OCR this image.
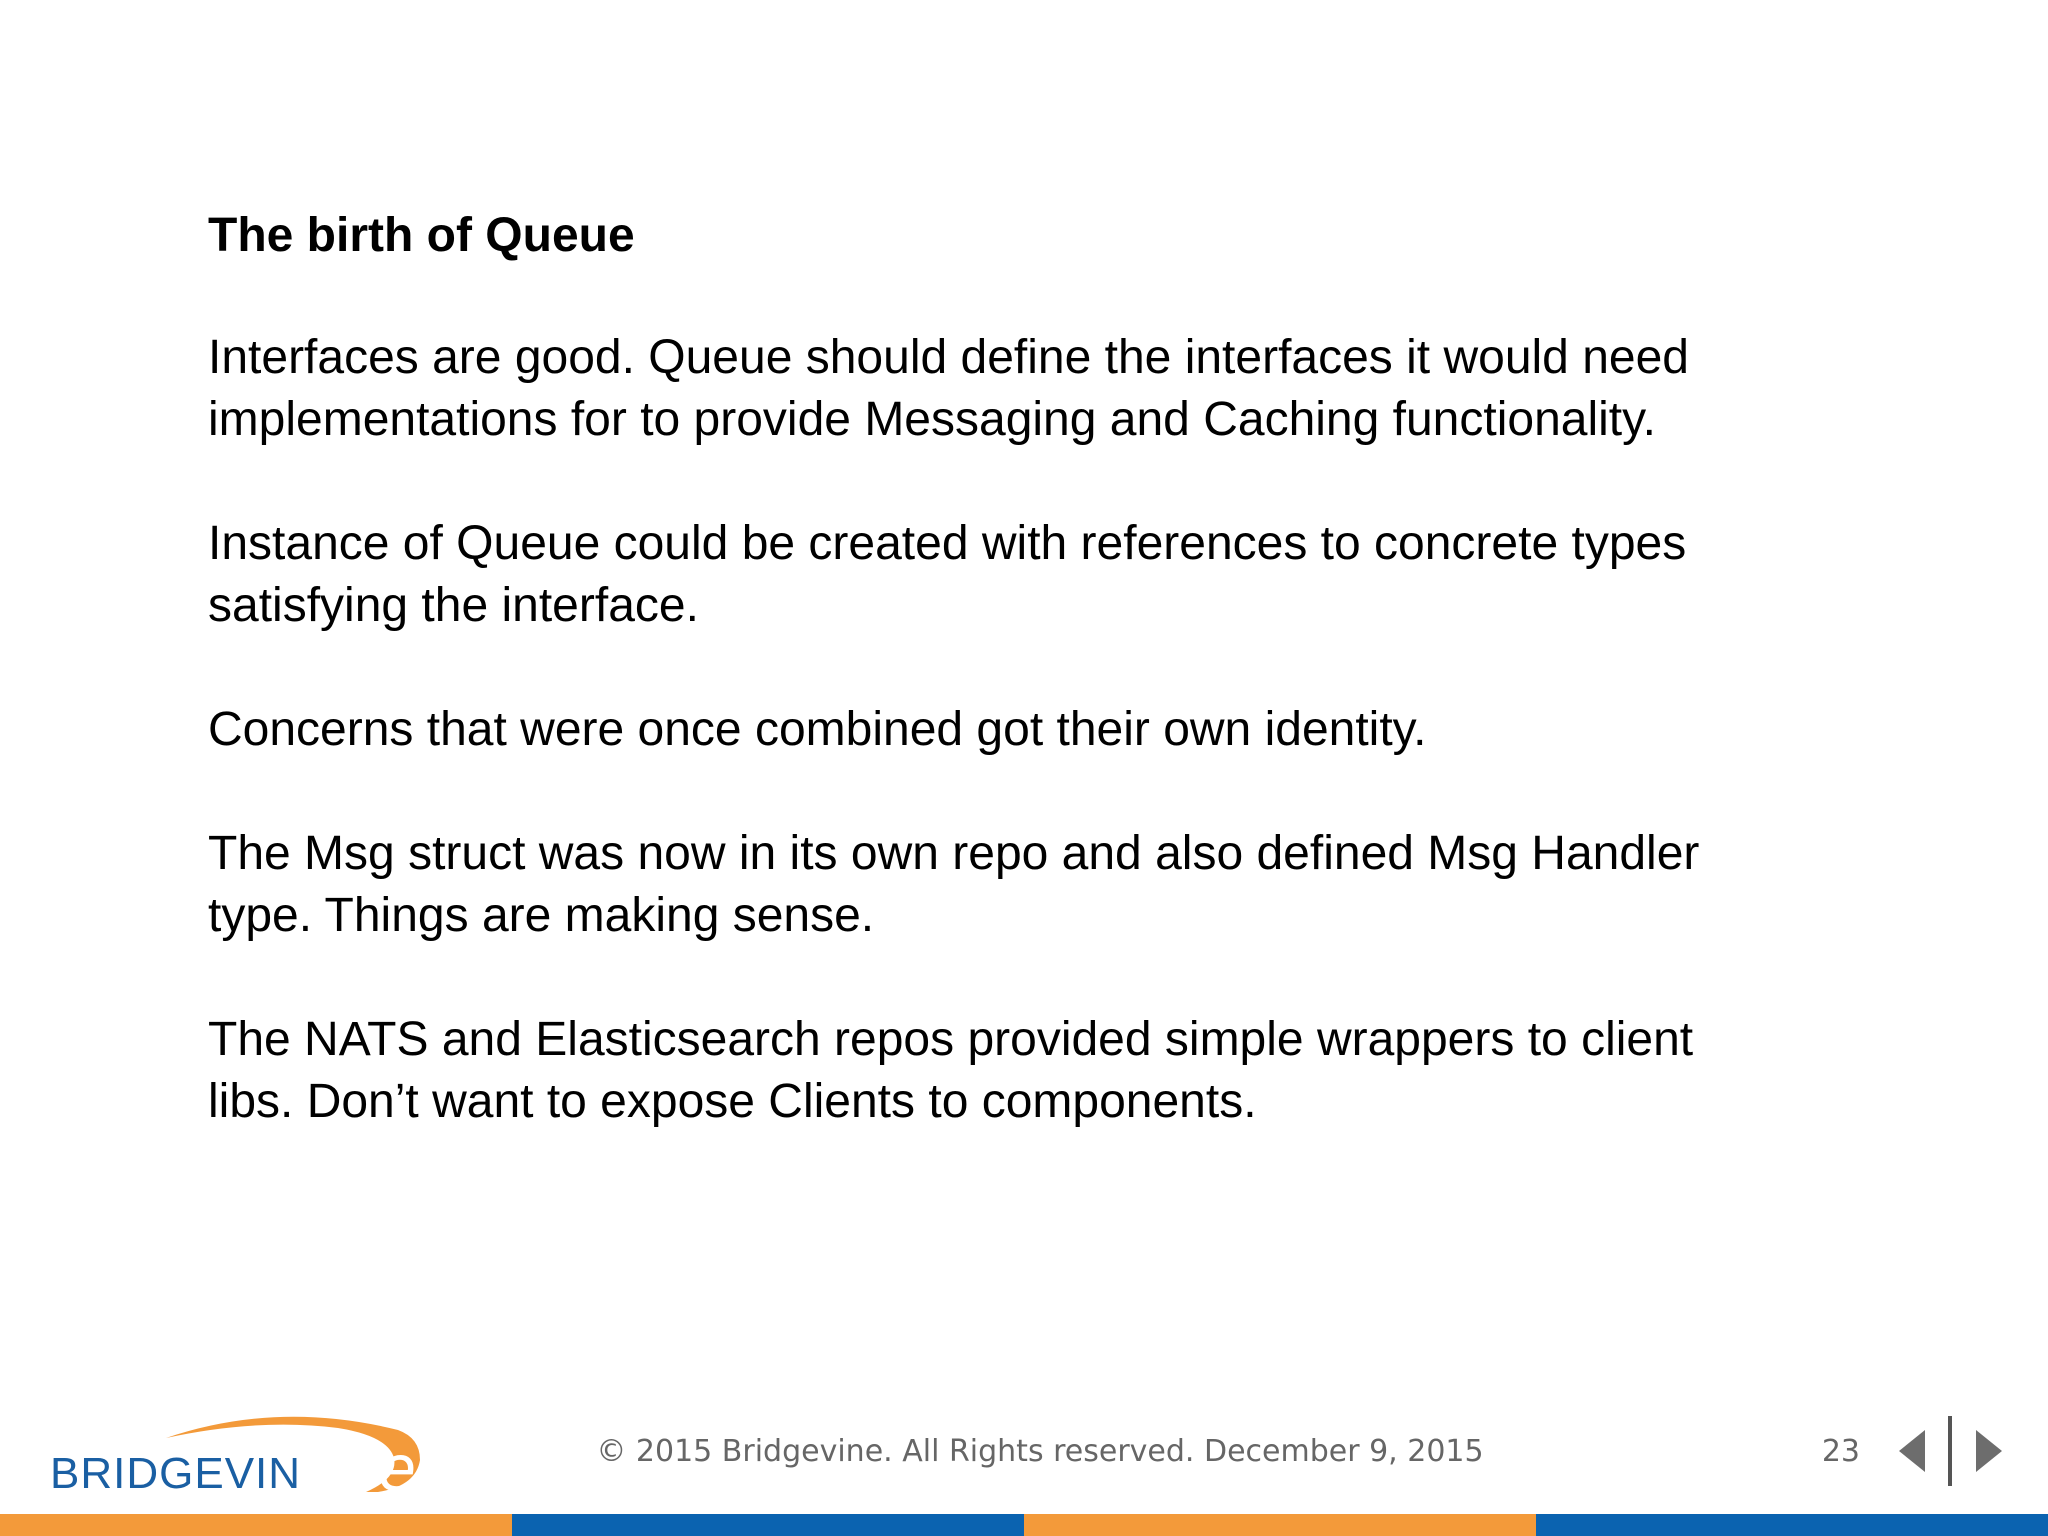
The birth of Queue
Interfaces are good. Queue should define the interfaces it would need
implementations for to provide Messaging and Caching functionality.
Instance of Queue could be created with references to concrete types
satisfying the interface.
Concerns that were once combined got their own identity.
The Msg struct was now in its own repo and also defined Msg Handler
type. Things are making sense.
The NATS and Elasticsearch repos provided simple wrappers to client
libs. Don’t want to expose Clients to components.
BRIDGEVIN e	© 2015 Bridgevine. All Rights reserved. December 9, 2015	23
